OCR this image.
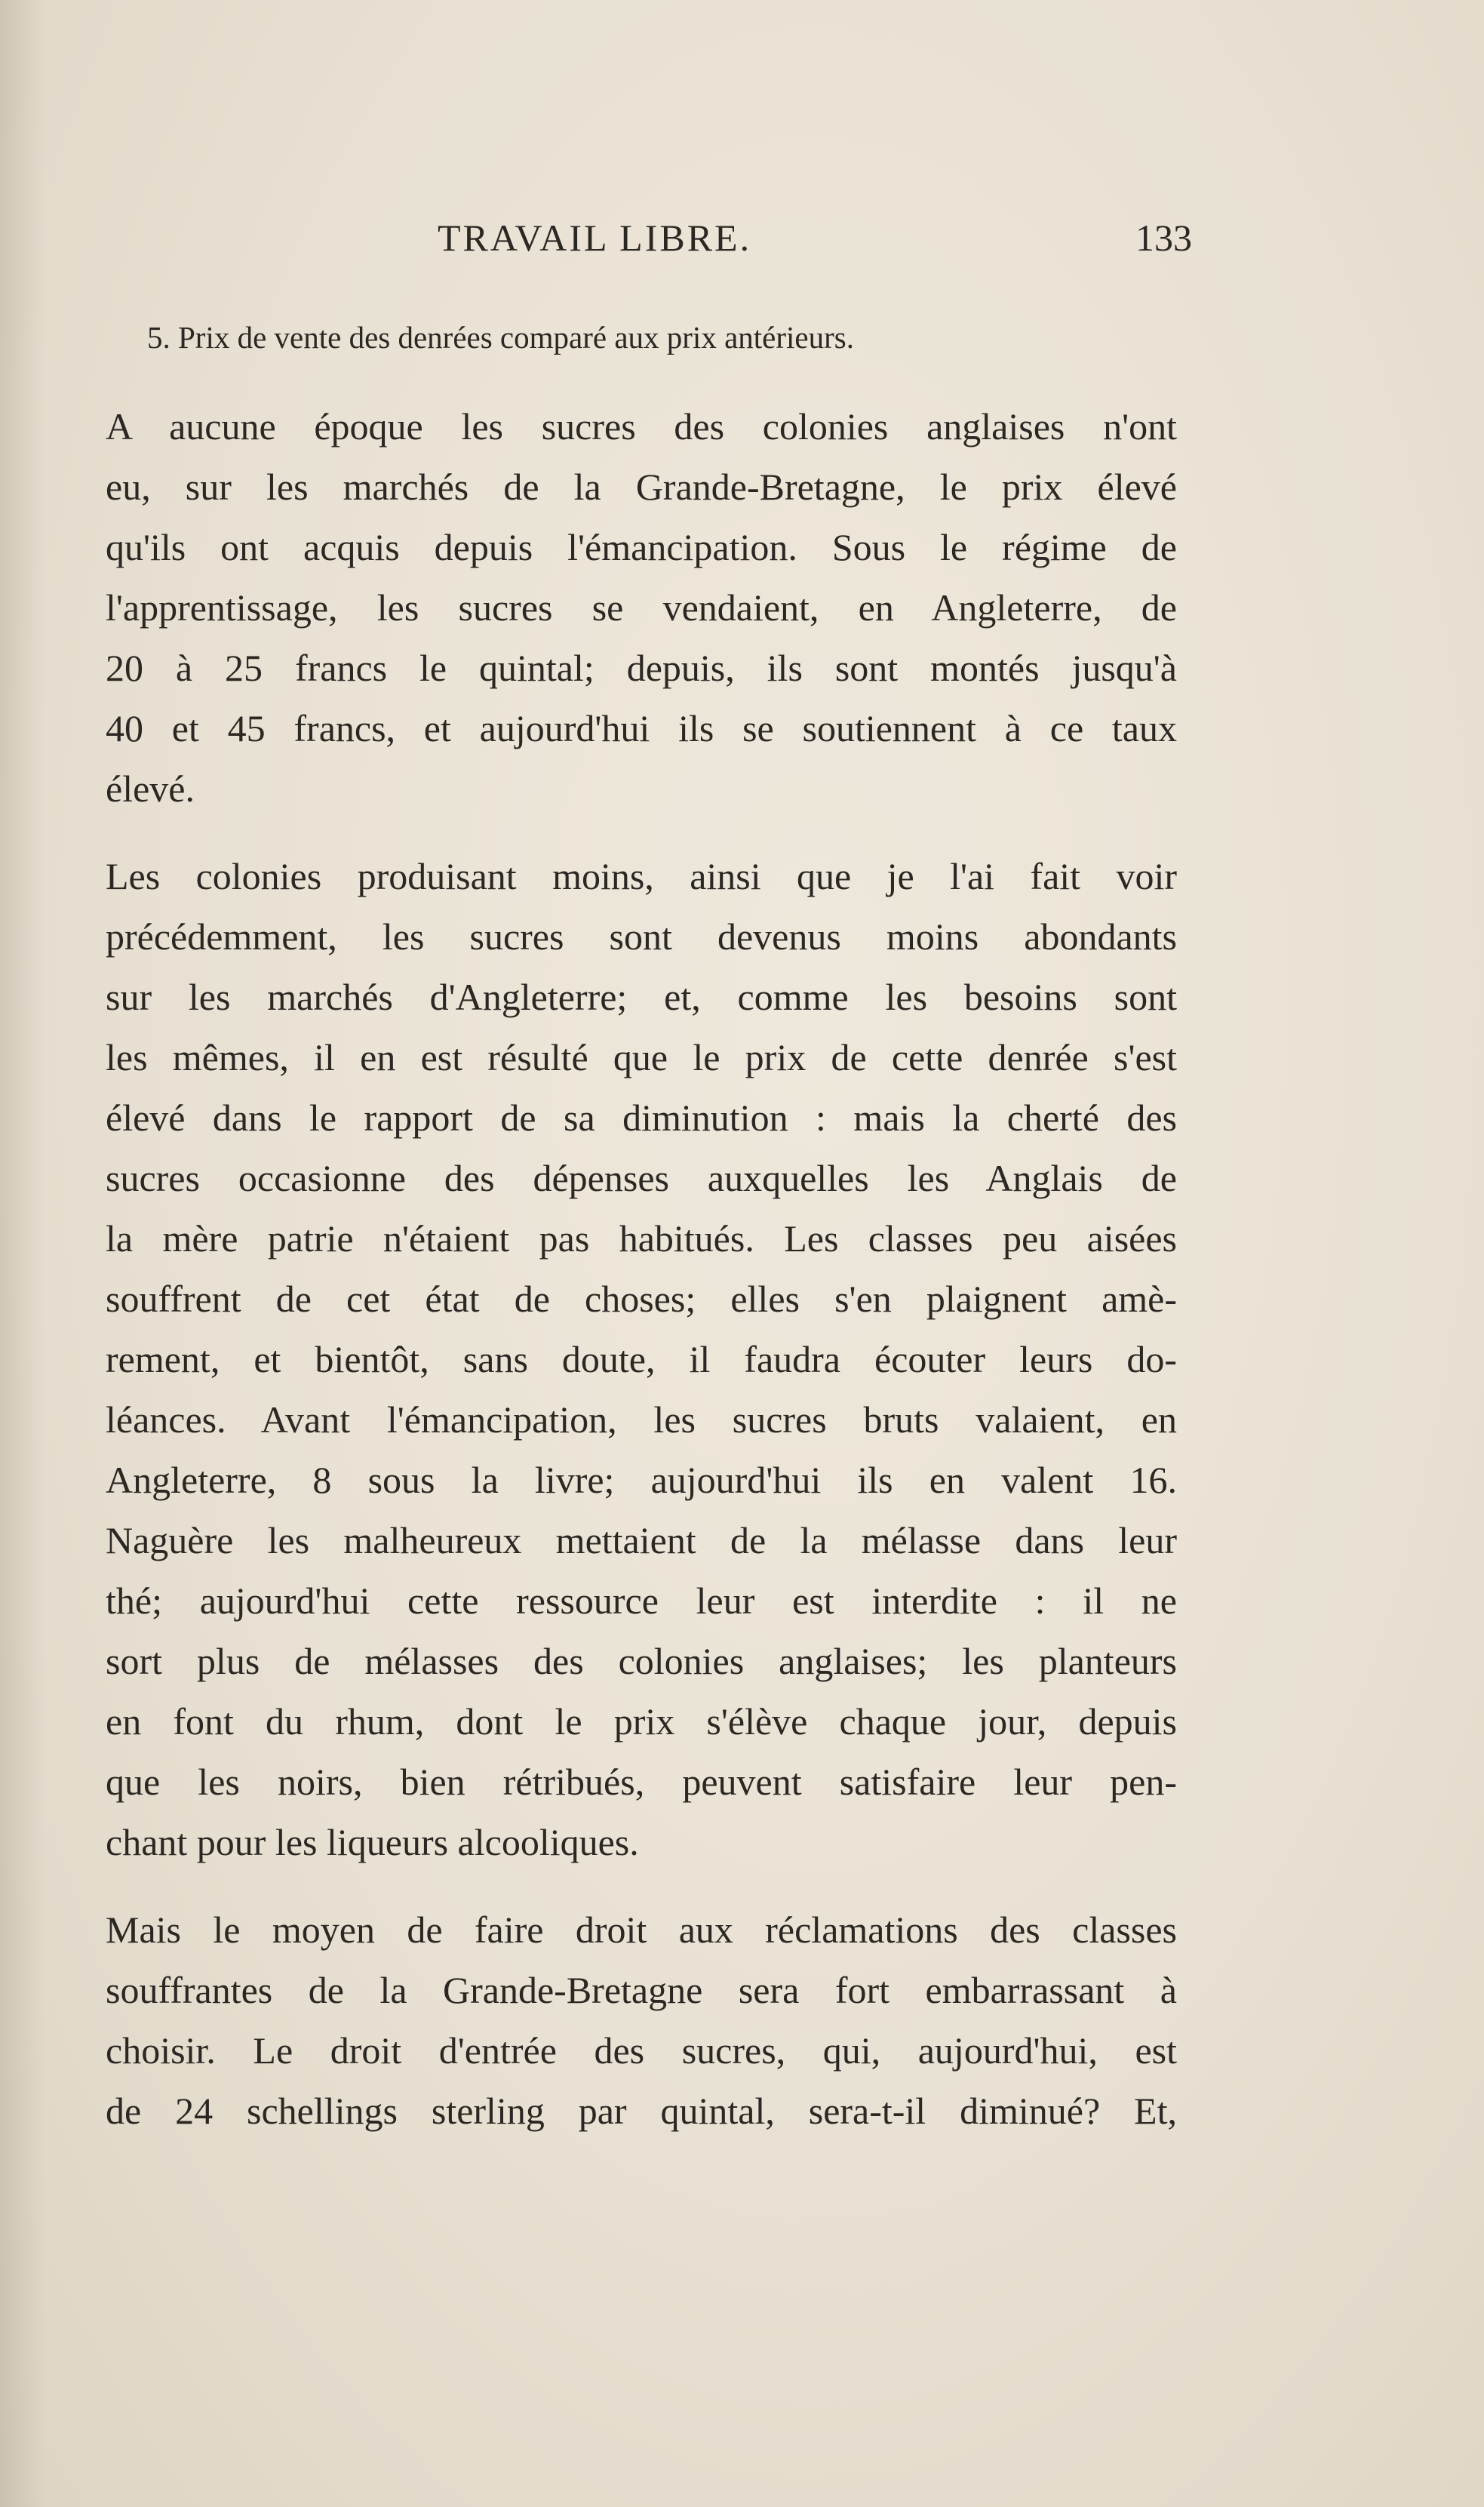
TRAVAIL LIBRE.	133
5. Prix de vente des denrées comparé aux prix antérieurs.
A aucune époque les sucres des colonies anglaises n'ont
eu, sur les marchés de la Grande-Bretagne, le prix élevé
qu'ils ont acquis depuis l'émancipation. Sous le régime de
l'apprentissage, les sucres se vendaient, en Angleterre, de
20 à 25 francs le quintal; depuis, ils sont montés jusqu'à
40 et 45 francs, et aujourd'hui ils se soutiennent à ce taux
élevé.
Les colonies produisant moins, ainsi que je l'ai fait voir
précédemment, les sucres sont devenus moins abondants
sur les marchés d'Angleterre; et, comme les besoins sont
les mêmes, il en est résulté que le prix de cette denrée s'est
élevé dans le rapport de sa diminution : mais la cherté des
sucres occasionne des dépenses auxquelles les Anglais de
la mère patrie n'étaient pas habitués. Les classes peu aisées
souffrent de cet état de choses; elles s'en plaignent amè-
rement, et bientôt, sans doute, il faudra écouter leurs do-
léances. Avant l'émancipation, les sucres bruts valaient, en
Angleterre, 8 sous la livre; aujourd'hui ils en valent 16.
Naguère les malheureux mettaient de la mélasse dans leur
thé; aujourd'hui cette ressource leur est interdite : il ne
sort plus de mélasses des colonies anglaises; les planteurs
en font du rhum, dont le prix s'élève chaque jour, depuis
que les noirs, bien rétribués, peuvent satisfaire leur pen-
chant pour les liqueurs alcooliques.
Mais le moyen de faire droit aux réclamations des classes
souffrantes de la Grande-Bretagne sera fort embarrassant à
choisir. Le droit d'entrée des sucres, qui, aujourd'hui, est
de 24 schellings sterling par quintal, sera-t-il diminué? Et,
